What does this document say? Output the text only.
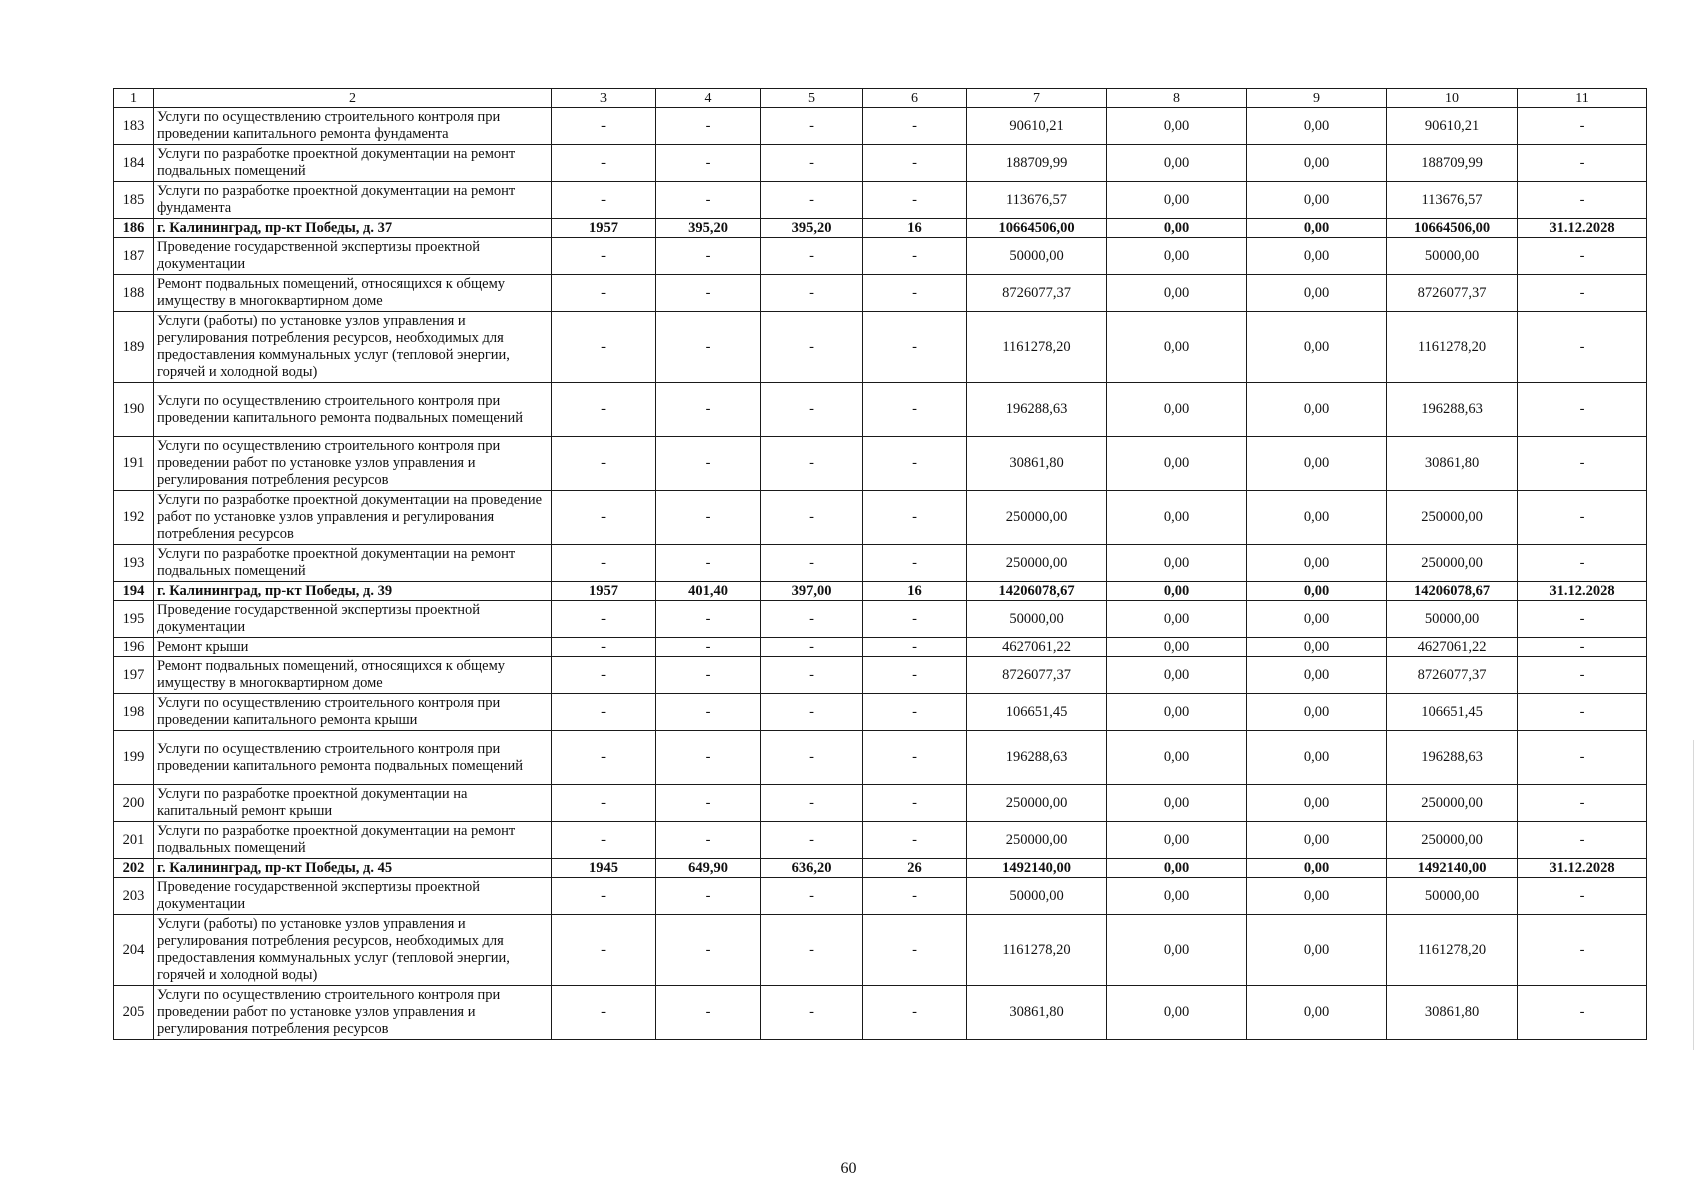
1	2	3	4	5	6	7	8	9	10	11
183	Услуги по осуществлению строительного контроля при проведении капитального ремонта фундамента	-	-	-	-	90610,21	0,00	0,00	90610,21	-
184	Услуги по разработке проектной документации на ремонт подвальных помещений	-	-	-	-	188709,99	0,00	0,00	188709,99	-
185	Услуги по разработке проектной документации на ремонт фундамента	-	-	-	-	113676,57	0,00	0,00	113676,57	-
186	г. Калининград, пр-кт Победы, д. 37	1957	395,20	395,20	16	10664506,00	0,00	0,00	10664506,00	31.12.2028
187	Проведение государственной экспертизы проектной документации	-	-	-	-	50000,00	0,00	0,00	50000,00	-
188	Ремонт подвальных помещений, относящихся к общему имуществу в многоквартирном доме	-	-	-	-	8726077,37	0,00	0,00	8726077,37	-
189	Услуги (работы) по установке узлов управления и регулирования потребления ресурсов, необходимых для предоставления коммунальных услуг (тепловой энергии, горячей и холодной воды)	-	-	-	-	1161278,20	0,00	0,00	1161278,20	-
190	Услуги по осуществлению строительного контроля при проведении капитального ремонта подвальных помещений	-	-	-	-	196288,63	0,00	0,00	196288,63	-
191	Услуги по осуществлению строительного контроля при проведении работ по установке узлов управления и регулирования потребления ресурсов	-	-	-	-	30861,80	0,00	0,00	30861,80	-
192	Услуги по разработке проектной документации на проведение работ по установке узлов управления и регулирования потребления ресурсов	-	-	-	-	250000,00	0,00	0,00	250000,00	-
193	Услуги по разработке проектной документации на ремонт подвальных помещений	-	-	-	-	250000,00	0,00	0,00	250000,00	-
194	г. Калининград, пр-кт Победы, д. 39	1957	401,40	397,00	16	14206078,67	0,00	0,00	14206078,67	31.12.2028
195	Проведение государственной экспертизы проектной документации	-	-	-	-	50000,00	0,00	0,00	50000,00	-
196	Ремонт крыши	-	-	-	-	4627061,22	0,00	0,00	4627061,22	-
197	Ремонт подвальных помещений, относящихся к общему имуществу в многоквартирном доме	-	-	-	-	8726077,37	0,00	0,00	8726077,37	-
198	Услуги по осуществлению строительного контроля при проведении капитального ремонта крыши	-	-	-	-	106651,45	0,00	0,00	106651,45	-
199	Услуги по осуществлению строительного контроля при проведении капитального ремонта подвальных помещений	-	-	-	-	196288,63	0,00	0,00	196288,63	-
200	Услуги по разработке проектной документации на капитальный ремонт крыши	-	-	-	-	250000,00	0,00	0,00	250000,00	-
201	Услуги по разработке проектной документации на ремонт подвальных помещений	-	-	-	-	250000,00	0,00	0,00	250000,00	-
202	г. Калининград, пр-кт Победы, д. 45	1945	649,90	636,20	26	1492140,00	0,00	0,00	1492140,00	31.12.2028
203	Проведение государственной экспертизы проектной документации	-	-	-	-	50000,00	0,00	0,00	50000,00	-
204	Услуги (работы) по установке узлов управления и регулирования потребления ресурсов, необходимых для предоставления коммунальных услуг (тепловой энергии, горячей и холодной воды)	-	-	-	-	1161278,20	0,00	0,00	1161278,20	-
205	Услуги по осуществлению строительного контроля при проведении работ по установке узлов управления и регулирования потребления ресурсов	-	-	-	-	30861,80	0,00	0,00	30861,80	-
60
